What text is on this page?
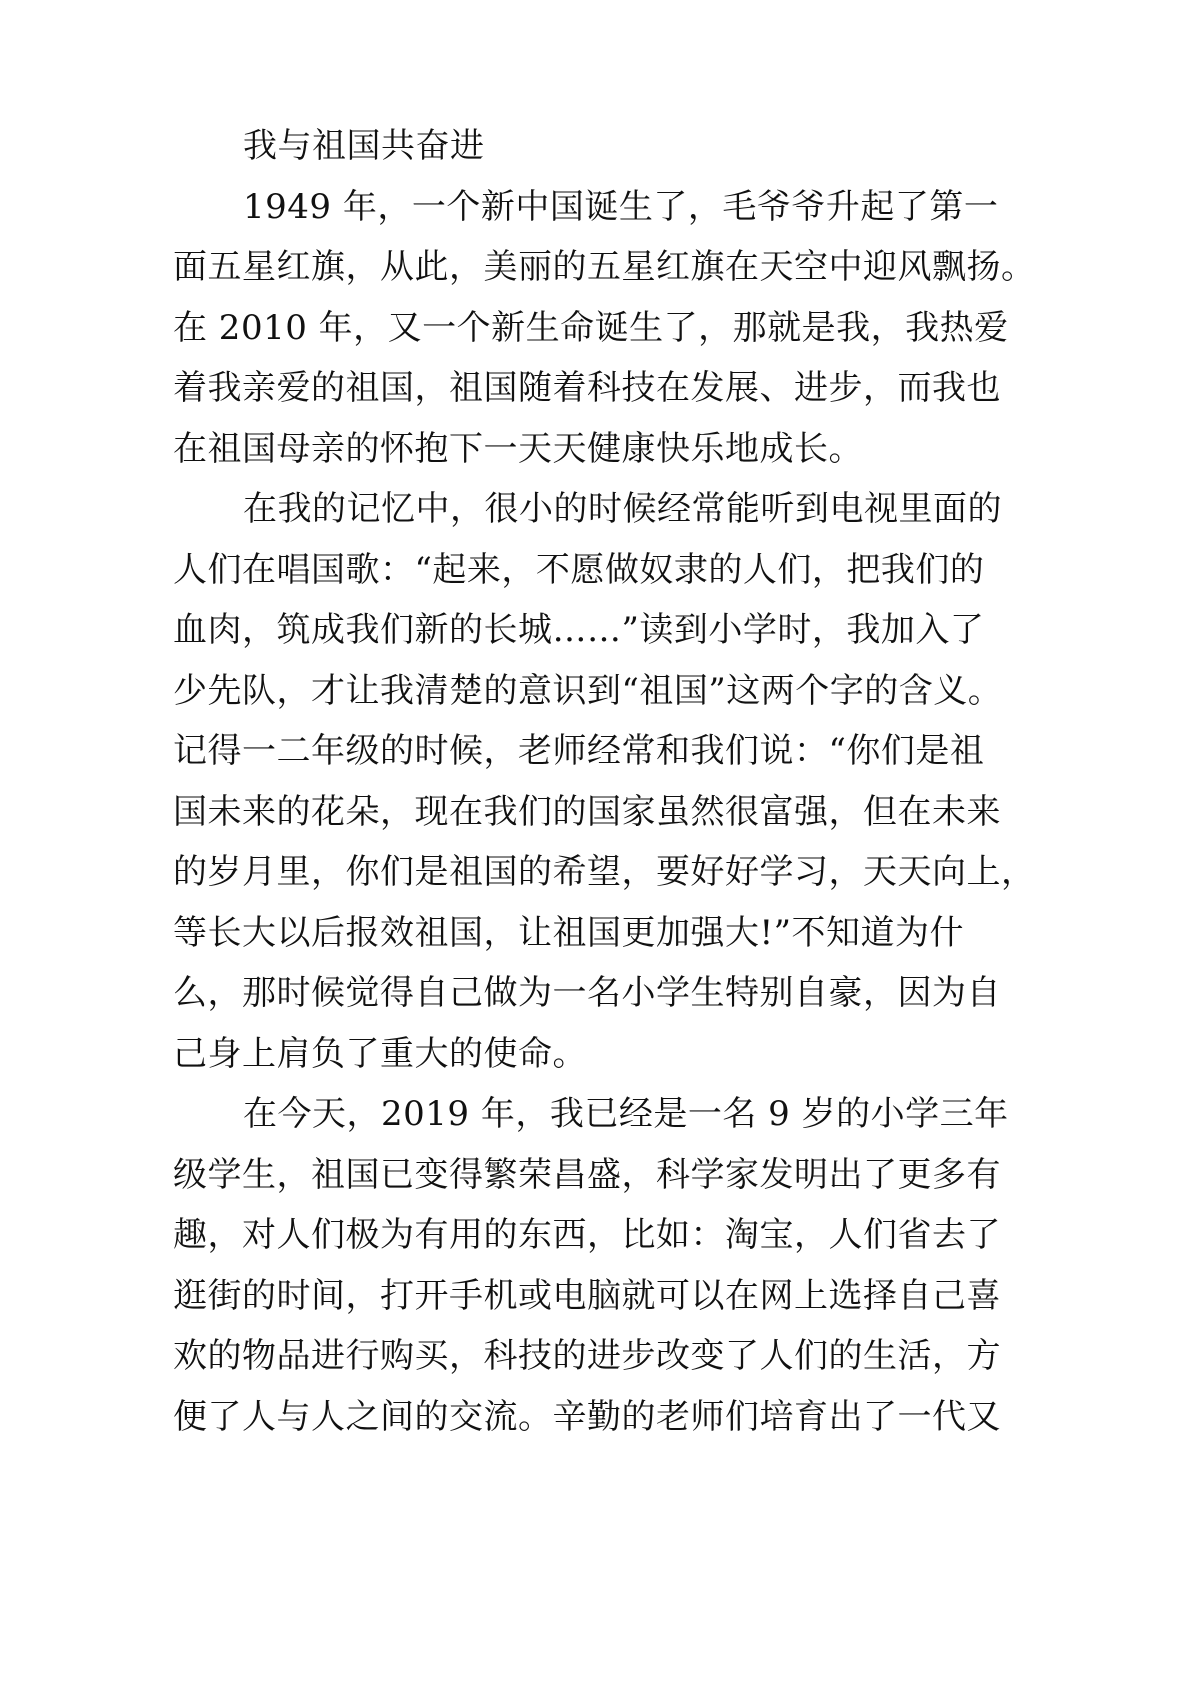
我与祖国共奋进
1949 年，一个新中国诞生了，毛爷爷升起了第一
面五星红旗，从此，美丽的五星红旗在天空中迎风飘扬。
在 2010 年，又一个新生命诞生了，那就是我，我热爱
着我亲爱的祖国，祖国随着科技在发展、进步，而我也
在祖国母亲的怀抱下一天天健康快乐地成长。
在我的记忆中，很小的时候经常能听到电视里面的
人们在唱国歌：“起来，不愿做奴隶的人们，把我们的
血肉，筑成我们新的长城……”读到小学时，我加入了
少先队，才让我清楚的意识到“祖国”这两个字的含义。
记得一二年级的时候，老师经常和我们说：“你们是祖
国未来的花朵，现在我们的国家虽然很富强，但在未来
的岁月里，你们是祖国的希望，要好好学习，天天向上，
等长大以后报效祖国，让祖国更加强大!”不知道为什
么，那时候觉得自己做为一名小学生特别自豪，因为自
己身上肩负了重大的使命。
在今天，2019 年，我已经是一名 9 岁的小学三年
级学生，祖国已变得繁荣昌盛，科学家发明出了更多有
趣，对人们极为有用的东西，比如：淘宝，人们省去了
逛街的时间，打开手机或电脑就可以在网上选择自己喜
欢的物品进行购买，科技的进步改变了人们的生活，方
便了人与人之间的交流。辛勤的老师们培育出了一代又
